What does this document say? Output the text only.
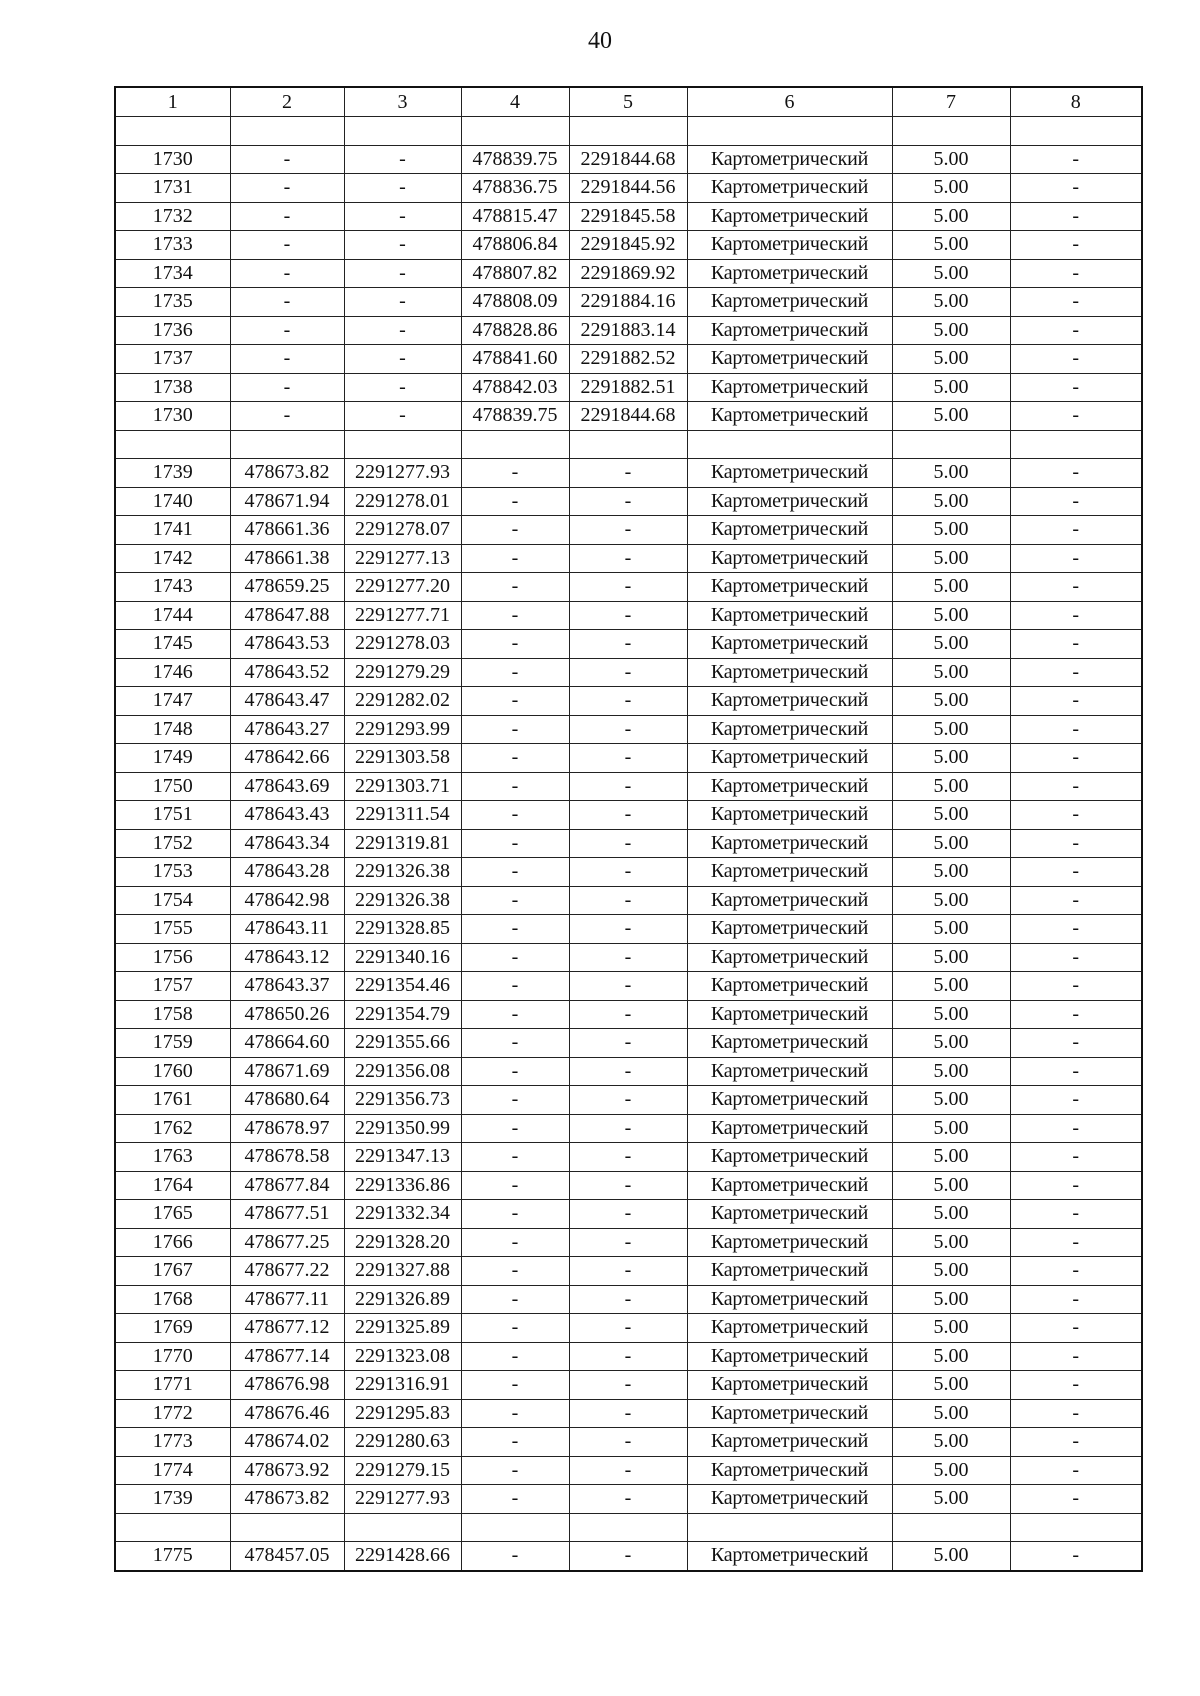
40
1	2	3	4	5	6	7	8

1730	-	-	478839.75	2291844.68	Картометрический	5.00	-
1731	-	-	478836.75	2291844.56	Картометрический	5.00	-
1732	-	-	478815.47	2291845.58	Картометрический	5.00	-
1733	-	-	478806.84	2291845.92	Картометрический	5.00	-
1734	-	-	478807.82	2291869.92	Картометрический	5.00	-
1735	-	-	478808.09	2291884.16	Картометрический	5.00	-
1736	-	-	478828.86	2291883.14	Картометрический	5.00	-
1737	-	-	478841.60	2291882.52	Картометрический	5.00	-
1738	-	-	478842.03	2291882.51	Картометрический	5.00	-
1730	-	-	478839.75	2291844.68	Картометрический	5.00	-

1739	478673.82	2291277.93	-	-	Картометрический	5.00	-
1740	478671.94	2291278.01	-	-	Картометрический	5.00	-
1741	478661.36	2291278.07	-	-	Картометрический	5.00	-
1742	478661.38	2291277.13	-	-	Картометрический	5.00	-
1743	478659.25	2291277.20	-	-	Картометрический	5.00	-
1744	478647.88	2291277.71	-	-	Картометрический	5.00	-
1745	478643.53	2291278.03	-	-	Картометрический	5.00	-
1746	478643.52	2291279.29	-	-	Картометрический	5.00	-
1747	478643.47	2291282.02	-	-	Картометрический	5.00	-
1748	478643.27	2291293.99	-	-	Картометрический	5.00	-
1749	478642.66	2291303.58	-	-	Картометрический	5.00	-
1750	478643.69	2291303.71	-	-	Картометрический	5.00	-
1751	478643.43	2291311.54	-	-	Картометрический	5.00	-
1752	478643.34	2291319.81	-	-	Картометрический	5.00	-
1753	478643.28	2291326.38	-	-	Картометрический	5.00	-
1754	478642.98	2291326.38	-	-	Картометрический	5.00	-
1755	478643.11	2291328.85	-	-	Картометрический	5.00	-
1756	478643.12	2291340.16	-	-	Картометрический	5.00	-
1757	478643.37	2291354.46	-	-	Картометрический	5.00	-
1758	478650.26	2291354.79	-	-	Картометрический	5.00	-
1759	478664.60	2291355.66	-	-	Картометрический	5.00	-
1760	478671.69	2291356.08	-	-	Картометрический	5.00	-
1761	478680.64	2291356.73	-	-	Картометрический	5.00	-
1762	478678.97	2291350.99	-	-	Картометрический	5.00	-
1763	478678.58	2291347.13	-	-	Картометрический	5.00	-
1764	478677.84	2291336.86	-	-	Картометрический	5.00	-
1765	478677.51	2291332.34	-	-	Картометрический	5.00	-
1766	478677.25	2291328.20	-	-	Картометрический	5.00	-
1767	478677.22	2291327.88	-	-	Картометрический	5.00	-
1768	478677.11	2291326.89	-	-	Картометрический	5.00	-
1769	478677.12	2291325.89	-	-	Картометрический	5.00	-
1770	478677.14	2291323.08	-	-	Картометрический	5.00	-
1771	478676.98	2291316.91	-	-	Картометрический	5.00	-
1772	478676.46	2291295.83	-	-	Картометрический	5.00	-
1773	478674.02	2291280.63	-	-	Картометрический	5.00	-
1774	478673.92	2291279.15	-	-	Картометрический	5.00	-
1739	478673.82	2291277.93	-	-	Картометрический	5.00	-

1775	478457.05	2291428.66	-	-	Картометрический	5.00	-
